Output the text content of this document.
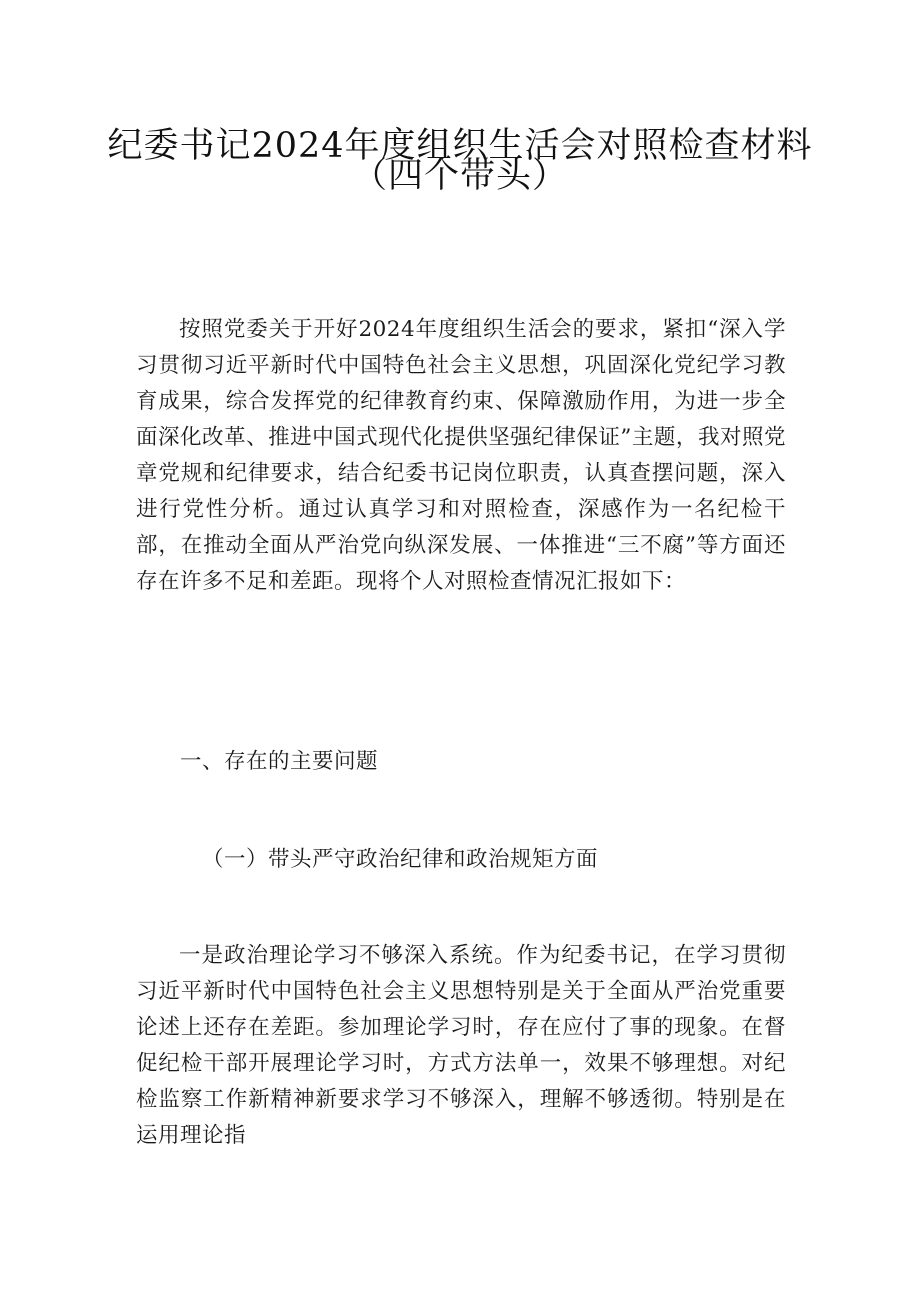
纪委书记2024年度组织生活会对照检查材料
（四个带头）

按照党委关于开好2024年度组织生活会的要求，紧扣“深入学习贯彻习近平新时代中国特色社会主义思想，巩固深化党纪学习教育成果，综合发挥党的纪律教育约束、保障激励作用，为进一步全面深化改革、推进中国式现代化提供坚强纪律保证”主题，我对照党章党规和纪律要求，结合纪委书记岗位职责，认真查摆问题，深入进行党性分析。通过认真学习和对照检查，深感作为一名纪检干部，在推动全面从严治党向纵深发展、一体推进“三不腐”等方面还存在许多不足和差距。现将个人对照检查情况汇报如下：

一、存在的主要问题

（一）带头严守政治纪律和政治规矩方面

一是政治理论学习不够深入系统。作为纪委书记，在学习贯彻习近平新时代中国特色社会主义思想特别是关于全面从严治党重要论述上还存在差距。参加理论学习时，存在应付了事的现象。在督促纪检干部开展理论学习时，方式方法单一，效果不够理想。对纪检监察工作新精神新要求学习不够深入，理解不够透彻。特别是在运用理论指
